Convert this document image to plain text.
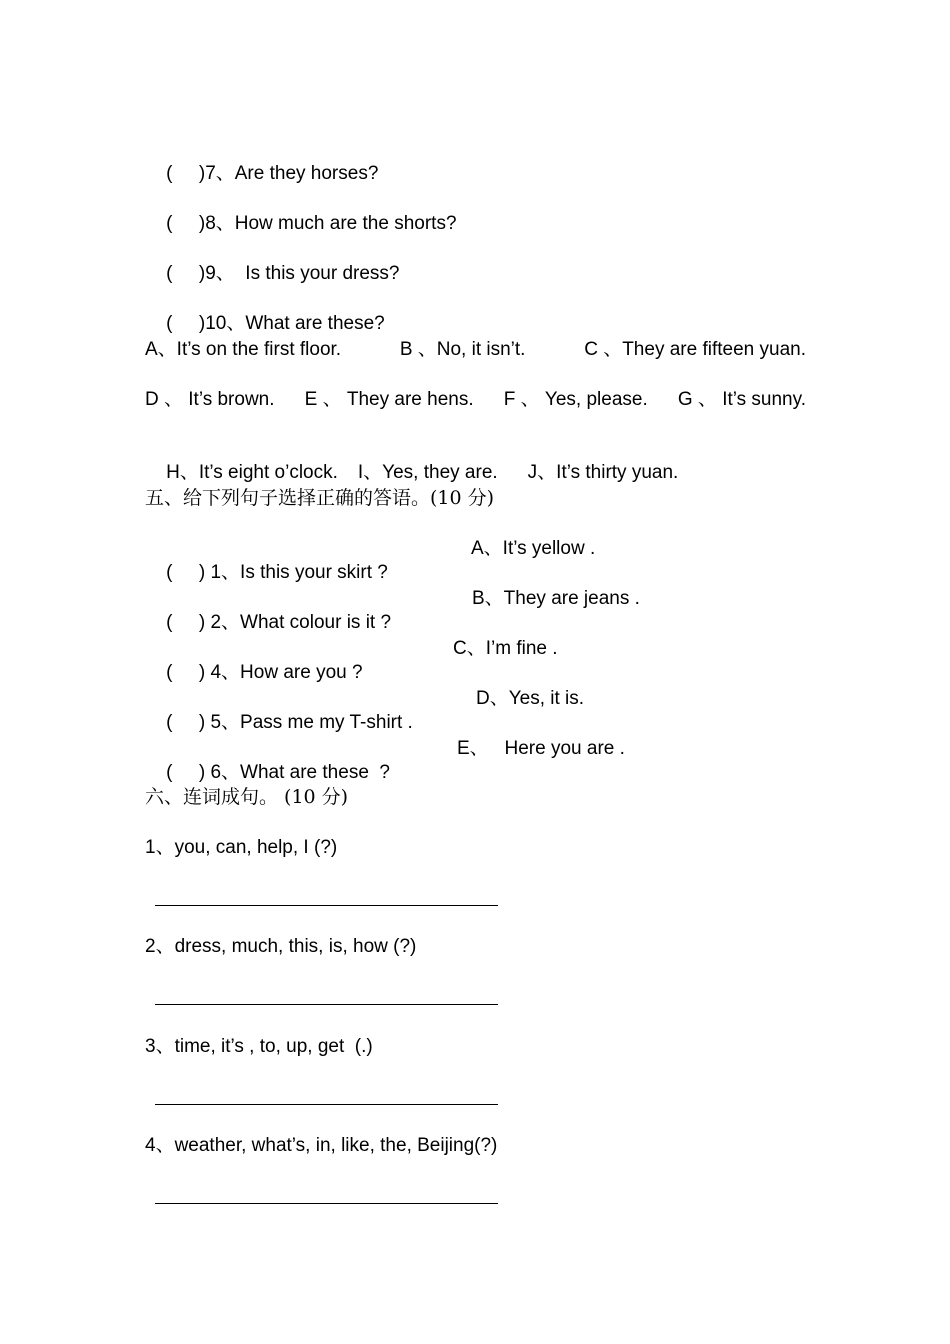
(     )7、Are they horses?

(     )8、How much are the shorts?

(     )9、  Is this your dress?

(     )10、What are these?

A、It’s on the first floor.	B 、No, it isn’t.	C 、They are fifteen yuan.
D 、 It’s brown. E 、 They are hens. F 、 Yes, please. G 、 It’s sunny.

H、It’s eight o’clock. I、Yes, they are. J、It’s thirty yuan.

五、给下列句子选择正确的答语。(10 分)

(     ) 1、Is this your skirt ?

A、It’s yellow .

(     ) 2、What colour is it ?

B、They are jeans .

(     ) 4、How are you ?

C、I’m fine .

(     ) 5、Pass me my T-shirt .

D、Yes, it is.

(     ) 6、What are these  ?

E、   Here you are .
六、连词成句。 (10 分)
1、you, can, help, I (?)
2、dress, much, this, is, how (?)
3、time, it’s , to, up, get  (.)
4、weather, what’s, in, like, the, Beijing(?)
